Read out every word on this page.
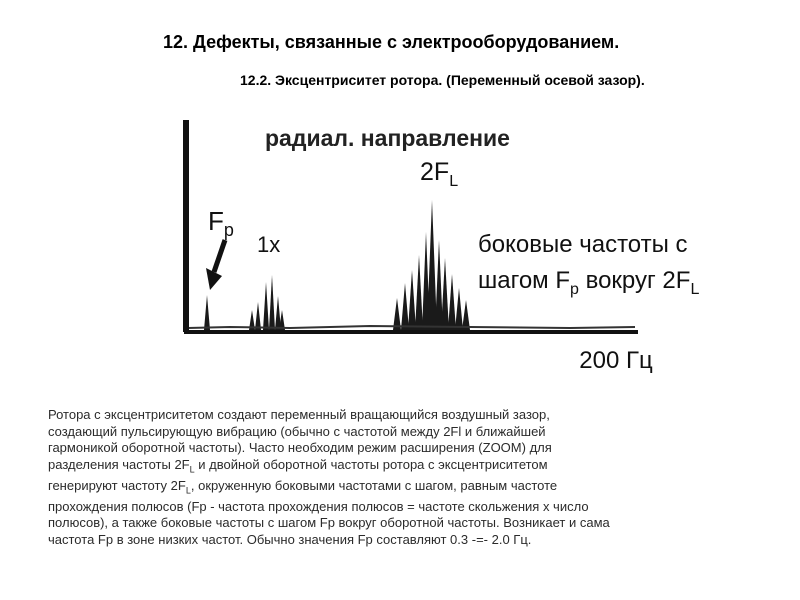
12. Дефекты, связанные с электрооборудованием.
12.2. Эксцентриситет ротора. (Переменный осевой зазор).
радиал. направление
$F_p$
1x
$2F_L$
боковые частоты с
шагом $F_p$ вокруг $2F_L$
200 Гц
Ротора с эксцентриситетом создают переменный вращающийся воздушный зазор,
создающий пульсирующую вибрацию (обычно с частотой между 2Fl и ближайшей
гармоникой оборотной частоты). Часто необходим режим расширения (ZOOM) для
разделения частоты $2F_L$ и двойной оборотной частоты ротора с эксцентриситетом
генерируют частоту $2F_L$, окруженную боковыми частотами с шагом, равным частоте
прохождения полюсов (Fp - частота прохождения полюсов = частоте скольжения х число
полюсов), а также боковые частоты с шагом Fp вокруг оборотной частоты. Возникает и сама
частота Fp в зоне низких частот. Обычно значения Fp составляют 0.3 -=- 2.0 Гц.
